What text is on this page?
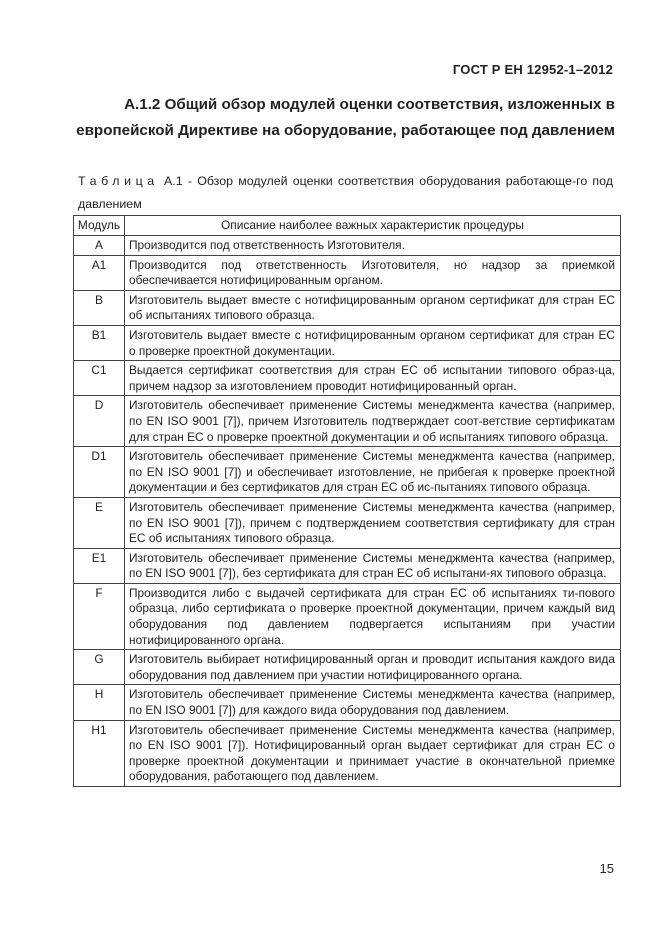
ГОСТ Р ЕН 12952-1–2012
А.1.2 Общий обзор модулей оценки соответствия, изложенных в европейской Директиве на оборудование, работающее под давлением
Таблица А.1 - Обзор модулей оценки соответствия оборудования работающе-го под давлением
Модуль	Описание наиболее важных характеристик процедуры
A	Производится под ответственность Изготовителя.
A1	Производится под ответственность Изготовителя, но надзор за приемкой обеспечивается нотифицированным органом.
B	Изготовитель выдает вместе с нотифицированным органом сертификат для стран ЕС об испытаниях типового образца.
B1	Изготовитель выдает вместе с нотифицированным органом сертификат для стран ЕС о проверке проектной документации.
C1	Выдается сертификат соответствия для стран ЕС об испытании типового образ-ца, причем надзор за изготовлением проводит нотифицированный орган.
D	Изготовитель обеспечивает применение Системы менеджмента качества (например, по EN ISO 9001 [7]), причем Изготовитель подтверждает соот-ветствие сертификатам для стран ЕС о проверке проектной документации и об испытаниях типового образца.
D1	Изготовитель обеспечивает применение Системы менеджмента качества (например, по EN ISO 9001 [7]) и обеспечивает изготовление, не прибегая к проверке проектной документации и без сертификатов для стран ЕС об ис-пытаниях типового образца.
E	Изготовитель обеспечивает применение Системы менеджмента качества (например, по EN ISO 9001 [7]), причем с подтверждением соответствия сертификату для стран ЕС об испытаниях типового образца.
E1	Изготовитель обеспечивает применение Системы менеджмента качества (например, по EN ISO 9001 [7]), без сертификата для стран ЕС об испытани-ях типового образца.
F	Производится либо с выдачей сертификата для стран ЕС об испытаниях ти-пового образца, либо сертификата о проверке проектной документации, причем каждый вид оборудования под давлением подвергается испытаниям при участии нотифицированного органа.
G	Изготовитель выбирает нотифицированный орган и проводит испытания каждого вида оборудования под давлением при участии нотифицированного органа.
H	Изготовитель обеспечивает применение Системы менеджмента качества (например, по EN ISO 9001 [7]) для каждого вида оборудования под давлением.
H1	Изготовитель обеспечивает применение Системы менеджмента качества (например, по EN ISO 9001 [7]). Нотифицированный орган выдает сертификат для стран ЕС о проверке проектной документации и принимает участие в окончательной приемке оборудования, работающего под давлением.
15
